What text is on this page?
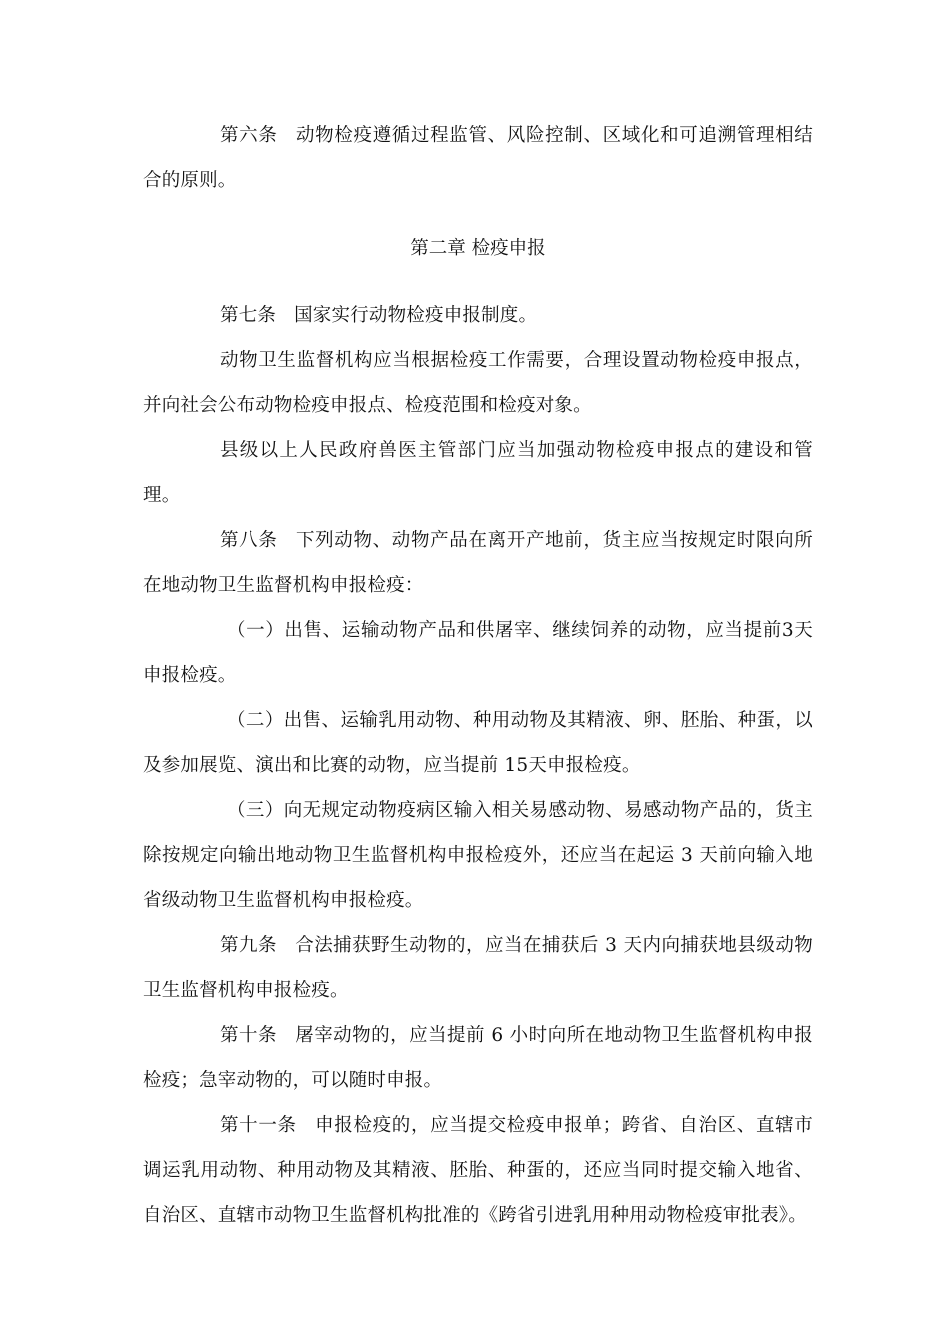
第六条 动物检疫遵循过程监管、风险控制、区域化和可追溯管理相结合的原则。

第二章 检疫申报

第七条 国家实行动物检疫申报制度。

动物卫生监督机构应当根据检疫工作需要，合理设置动物检疫申报点，并向社会公布动物检疫申报点、检疫范围和检疫对象。

县级以上人民政府兽医主管部门应当加强动物检疫申报点的建设和管理。

第八条 下列动物、动物产品在离开产地前，货主应当按规定时限向所在地动物卫生监督机构申报检疫：

（一）出售、运输动物产品和供屠宰、继续饲养的动物，应当提前3天申报检疫。

（二）出售、运输乳用动物、种用动物及其精液、卵、胚胎、种蛋，以及参加展览、演出和比赛的动物，应当提前 15天申报检疫。

（三）向无规定动物疫病区输入相关易感动物、易感动物产品的，货主除按规定向输出地动物卫生监督机构申报检疫外，还应当在起运 3 天前向输入地省级动物卫生监督机构申报检疫。

第九条 合法捕获野生动物的，应当在捕获后 3 天内向捕获地县级动物卫生监督机构申报检疫。

第十条 屠宰动物的，应当提前 6 小时向所在地动物卫生监督机构申报检疫；急宰动物的，可以随时申报。

第十一条 申报检疫的，应当提交检疫申报单；跨省、自治区、直辖市调运乳用动物、种用动物及其精液、胚胎、种蛋的，还应当同时提交输入地省、自治区、直辖市动物卫生监督机构批准的《跨省引进乳用种用动物检疫审批表》。
